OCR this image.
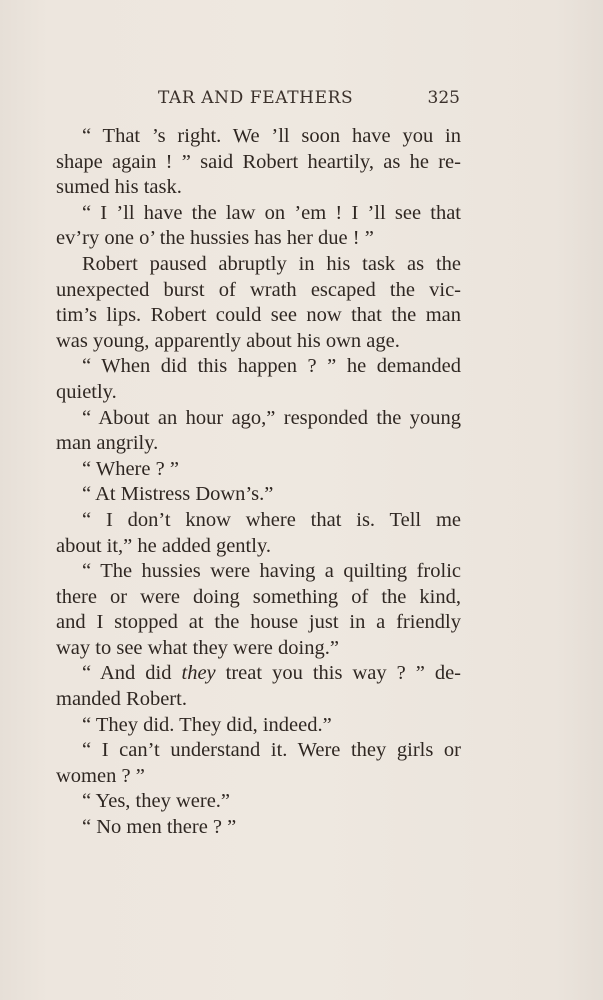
TAR AND FEATHERS	325
“ That ’s right. We ’ll soon have you in
shape again ! ” said Robert heartily, as he re-
sumed his task.
“ I ’ll have the law on ’em ! I ’ll see that
ev’ry one o’ the hussies has her due ! ”
Robert paused abruptly in his task as the
unexpected burst of wrath escaped the vic-
tim’s lips. Robert could see now that the man
was young, apparently about his own age.
“ When did this happen ? ” he demanded
quietly.
“ About an hour ago,” responded the young
man angrily.
“ Where ? ”
“ At Mistress Down’s.”
“ I don’t know where that is. Tell me
about it,” he added gently.
“ The hussies were having a quilting frolic
there or were doing something of the kind,
and I stopped at the house just in a friendly
way to see what they were doing.”
“ And did they treat you this way ? ” de-
manded Robert.
“ They did. They did, indeed.”
“ I can’t understand it. Were they girls or
women ? ”
“ Yes, they were.”
“ No men there ? ”
